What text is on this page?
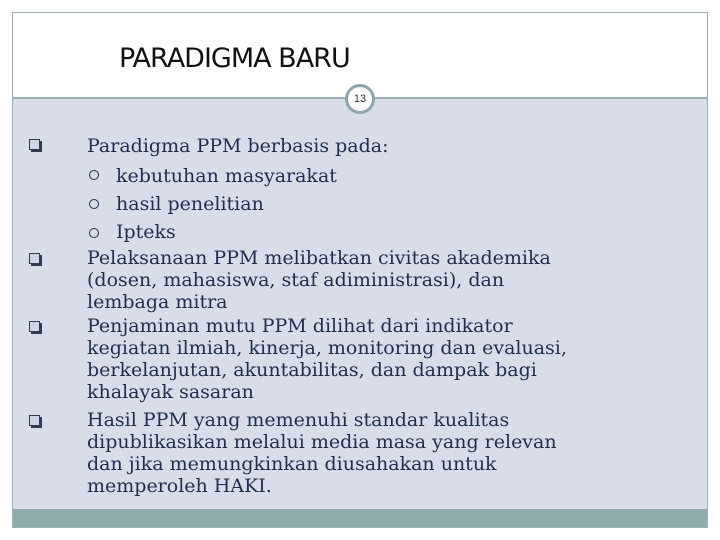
PARADIGMA BARU
Paradigma PPM berbasis pada:
kebutuhan masyarakat
hasil penelitian
Ipteks
Pelaksanaan PPM melibatkan civitas akademika
(dosen, mahasiswa, staf adiministrasi), dan
lembaga mitra
Penjaminan mutu PPM dilihat dari indikator
kegiatan ilmiah, kinerja, monitoring dan evaluasi,
berkelanjutan, akuntabilitas, dan dampak bagi
khalayak sasaran
Hasil PPM yang memenuhi standar kualitas
dipublikasikan melalui media masa yang relevan
dan jika memungkinkan diusahakan untuk
memperoleh HAKI.
13
